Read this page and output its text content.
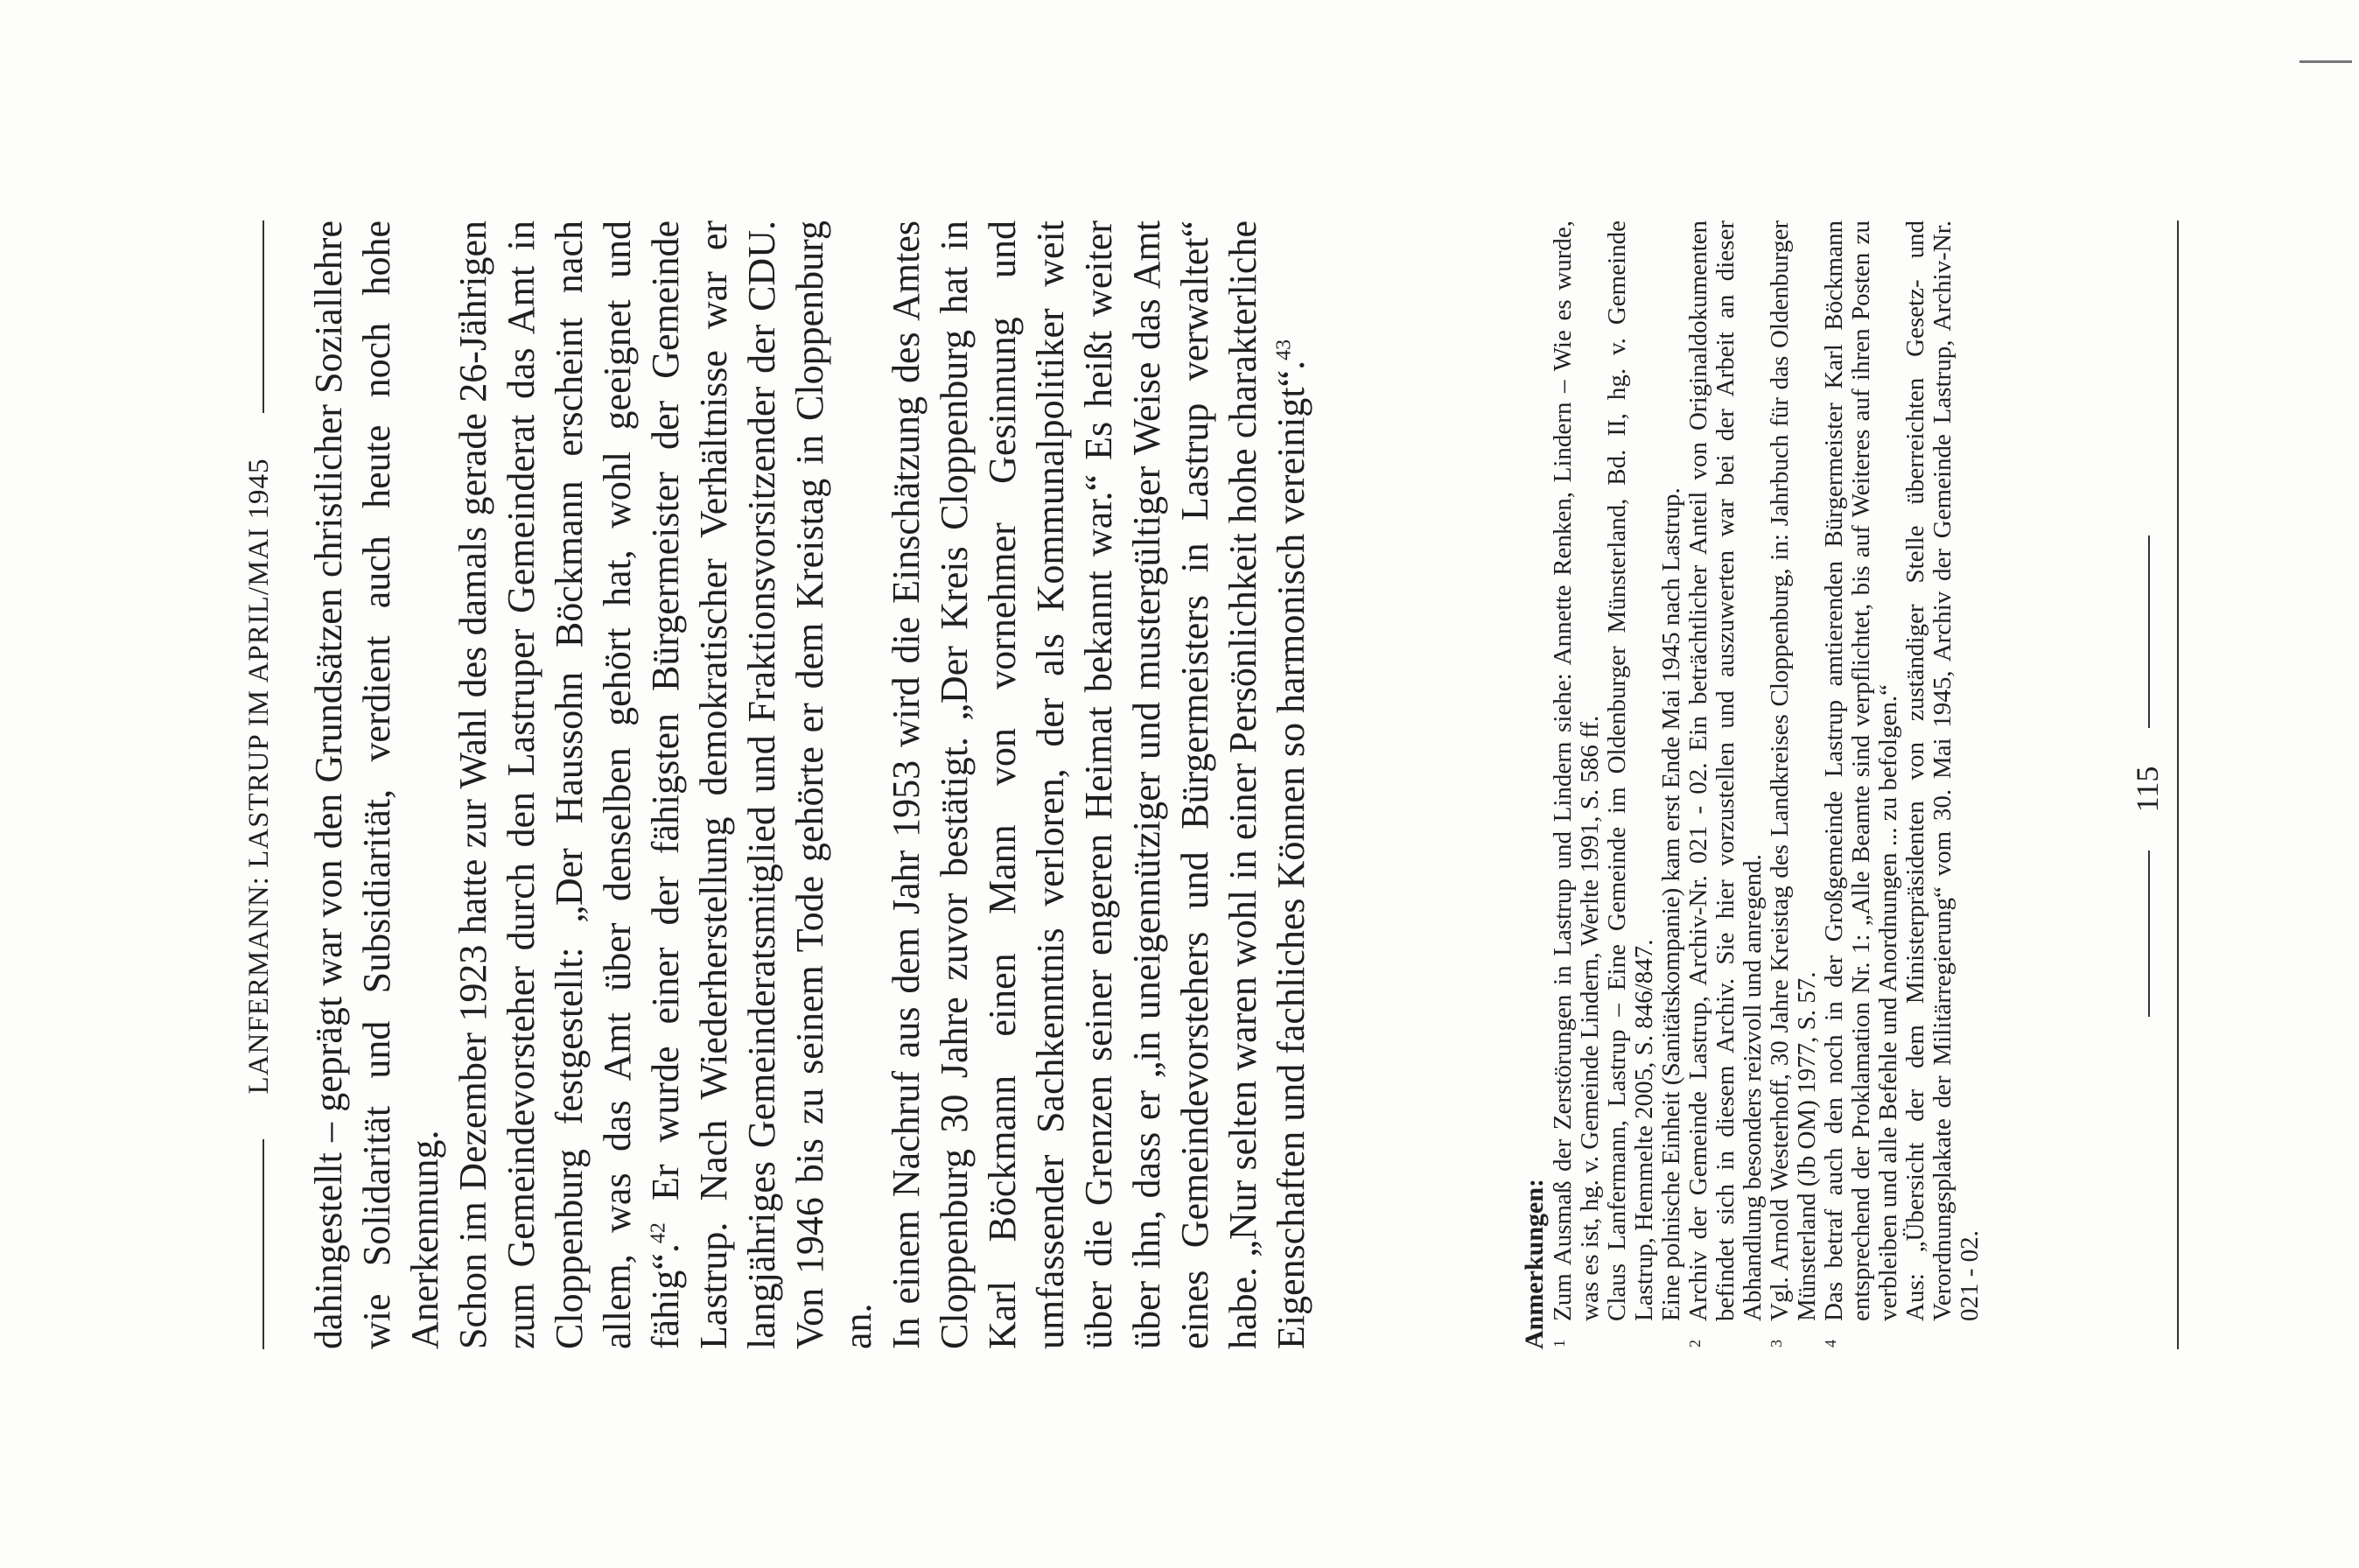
LANFERMANN: LASTRUP IM APRIL/MAI 1945 dahingestellt – geprägt war von den Grundsätzen christlicher Soziallehre wie Solidarität und Subsidiarität, verdient auch heute noch hohe Anerkennung. Schon im Dezember 1923 hatte zur Wahl des damals gerade 26-Jährigen zum Gemeindevorsteher durch den Lastruper Gemeinderat das Amt in Cloppenburg festgestellt: „Der Haussohn Böckmann erscheint nach allem, was das Amt über denselben gehört hat, wohl geeignet und fähig“.$^{42}$ Er wurde einer der fähigsten Bürgermeister der Gemeinde Lastrup. Nach Wiederherstellung demokratischer Verhältnisse war er langjähriges Gemeinderatsmitglied und Fraktionsvorsitzender der CDU. Von 1946 bis zu seinem Tode gehörte er dem Kreistag in Cloppenburg an. In einem Nachruf aus dem Jahr 1953 wird die Einschätzung des Amtes Cloppenburg 30 Jahre zuvor bestätigt. „Der Kreis Cloppenburg hat in Karl Böckmann einen Mann von vornehmer Gesinnung und umfassender Sachkenntnis verloren, der als Kommunalpolitiker weit über die Grenzen seiner engeren Heimat bekannt war.“ Es heißt weiter über ihn, dass er „in uneigennütziger und mustergültiger Weise das Amt eines Gemeindevorstehers und Bürgermeisters in Lastrup verwaltet“ habe. „Nur selten waren wohl in einer Persönlichkeit hohe charakterliche Eigenschaften und fachliches Können so harmonisch vereinigt“.$^{43}$

Anmerkungen: 1
Zum Ausmaß der Zerstörungen in Lastrup und Lindern siehe: Annette Renken, Lindern – Wie es wurde, was es ist, hg. v. Gemeinde Lindern, Werlte 1991, S. 586 ff. Claus Lanfermann, Lastrup – Eine Gemeinde im Oldenburger Münsterland, Bd. II, hg. v. Gemeinde Lastrup, Hemmelte 2005, S. 846/847. Eine polnische Einheit (Sanitätskompanie) kam erst Ende Mai 1945 nach Lastrup.
2
Archiv der Gemeinde Lastrup, Archiv-Nr. 021 - 02. Ein beträchtlicher Anteil von Originaldokumenten befindet sich in diesem Archiv. Sie hier vorzustellen und auszuwerten war bei der Arbeit an dieser Abhandlung besonders reizvoll und anregend.
3
Vgl. Arnold Westerhoff, 30 Jahre Kreistag des Landkreises Cloppenburg, in: Jahrbuch für das Oldenburger Münsterland (Jb OM) 1977, S. 57.
4
Das betraf auch den noch in der Großgemeinde Lastrup amtierenden Bürgermeister Karl Böckmann entsprechend der Proklamation Nr. 1: „Alle Beamte sind verpflichtet, bis auf Weiteres auf ihren Posten zu verbleiben und alle Befehle und Anordnungen ... zu befolgen.“ Aus: „Übersicht der dem Ministerpräsidenten von zuständiger Stelle überreichten Gesetz- und Verordnungsplakate der Militärregierung“ vom 30. Mai 1945, Archiv der Gemeinde Lastrup, Archiv-Nr. 021 - 02.
115
